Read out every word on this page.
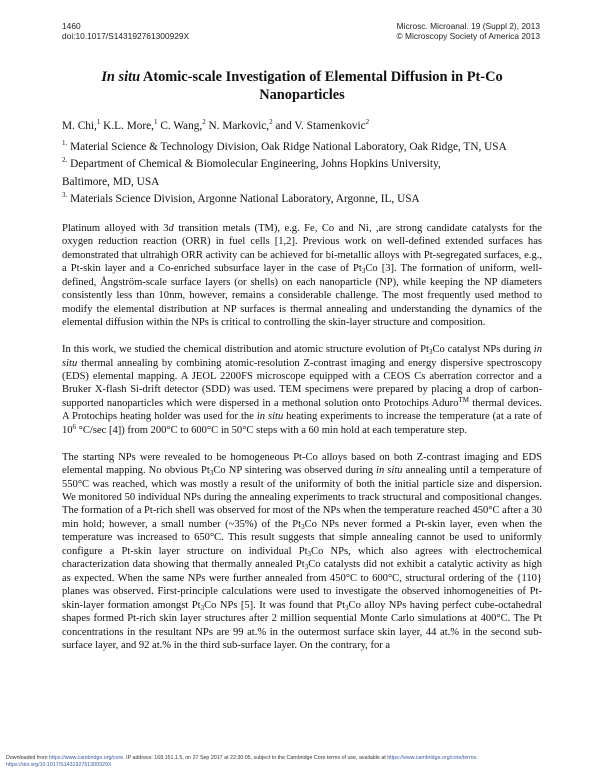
1460
doi:10.1017/S143192761300929X
Microsc. Microanal. 19 (Suppl 2), 2013
© Microscopy Society of America 2013
In situ Atomic-scale Investigation of Elemental Diffusion in Pt-Co Nanoparticles
M. Chi,$^1$ K.L. More,$^1$ C. Wang,$^2$ N. Markovic,$^2$ and V. Stamenkovic$^2$
$^{1.}$ Material Science & Technology Division, Oak Ridge National Laboratory, Oak Ridge, TN, USA
$^{2.}$ Department of Chemical & Biomolecular Engineering, Johns Hopkins University,
Baltimore, MD, USA
$^{3.}$ Materials Science Division, Argonne National Laboratory, Argonne, IL, USA

Platinum alloyed with 3d transition metals (TM), e.g. Fe, Co and Ni, ,are strong candidate catalysts for the oxygen reduction reaction (ORR) in fuel cells [1,2]. Previous work on well-defined extended surfaces has demonstrated that ultrahigh ORR activity can be achieved for bi-metallic alloys with Pt-segregated surfaces, e.g., a Pt-skin layer and a Co-enriched subsurface layer in the case of $Pt_3Co$ [3]. The formation of uniform, well-defined, Ångström-scale surface layers (or shells) on each nanoparticle (NP), while keeping the NP diameters consistently less than 10nm, however, remains a considerable challenge. The most frequently used method to modify the elemental distribution at NP surfaces is thermal annealing and understanding the dynamics of the elemental diffusion within the NPs is critical to controlling the skin-layer structure and composition.

In this work, we studied the chemical distribution and atomic structure evolution of $Pt_3Co$ catalyst NPs during in situ thermal annealing by combining atomic-resolution Z-contrast imaging and energy dispersive spectroscopy (EDS) elemental mapping. A JEOL 2200FS microscope equipped with a CEOS Cs aberration corrector and a Bruker X-flash Si-drift detector (SDD) was used. TEM specimens were prepared by placing a drop of carbon-supported nanoparticles which were dispersed in a methonal solution onto Protochips Aduro™ thermal devices. A Protochips heating holder was used for the in situ heating experiments to increase the temperature (at a rate of $10^6$ °C/sec [4]) from 200°C to 600°C in 50°C steps with a 60 min hold at each temperature step.

The starting NPs were revealed to be homogeneous Pt-Co alloys based on both Z-contrast imaging and EDS elemental mapping. No obvious $Pt_3Co$ NP sintering was observed during in situ annealing until a temperature of 550°C was reached, which was mostly a result of the uniformity of both the initial particle size and dispersion. We monitored 50 individual NPs during the annealing experiments to track structural and compositional changes. The formation of a Pt-rich shell was observed for most of the NPs when the temperature reached 450°C after a 30 min hold; however, a small number (~35%) of the $Pt_3Co$ NPs never formed a Pt-skin layer, even when the temperature was increased to 650°C. This result suggests that simple annealing cannot be used to uniformly configure a Pt-skin layer structure on individual $Pt_3Co$ NPs, which also agrees with electrochemical characterization data showing that thermally annealed $Pt_3Co$ catalysts did not exhibit a catalytic activity as high as expected. When the same NPs were further annealed from 450°C to 600°C, structural ordering of the {110} planes was observed. First-principle calculations were used to investigate the observed inhomogeneities of Pt-skin-layer formation amongst $Pt_3Co$ NPs [5]. It was found that $Pt_3Co$ alloy NPs having perfect cube-octahedral shapes formed Pt-rich skin layer structures after 2 million sequential Monte Carlo simulations at 400°C. The Pt concentrations in the resultant NPs are 99 at.% in the outermost surface skin layer, 44 at.% in the second sub-surface layer, and 92 at.% in the third sub-surface layer. On the contrary, for a

Downloaded from https://www.cambridge.org/core. IP address: 168.151.1.5, on 27 Sep 2017 at 22:30:05, subject to the Cambridge Core terms of use, available at https://www.cambridge.org/core/terms.
https://doi.org/10.1017/S143192761300929X
